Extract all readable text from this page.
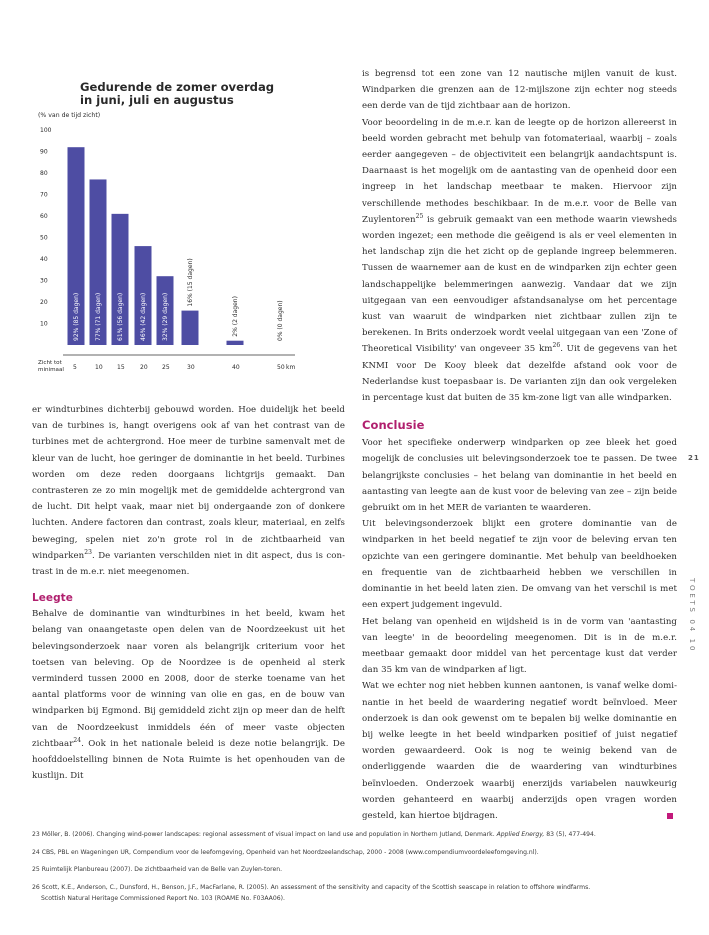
Gedurende de zomer overdag
in juni, juli en augustus
(% van de tijd zicht)
100
90
80
70
60
50
40
30
20
10	92% (85 dagen)	77% (71 dagen)	61% (56 dagen)	46% (42 dagen)	32% (29 dagen)
16% (15 dagen)
2% (2 dagen)	0% (0 dagen)
Zicht tot
minimaal 5	10 15	20 25	30	40	50 km

is begrensd tot een zone van 12 nautische mijlen vanuit de kust. Windparken die grenzen aan de 12-mijlszone zijn echter nog steeds een derde van de tijd zichtbaar aan de horizon.

Voor beoordeling in de m.e.r. kan de leegte op de horizon allereerst in beeld worden gebracht met behulp van fotomateriaal, waarbij – zoals eerder aangegeven – de objectiviteit een belangrijk aandachtspunt is. Daarnaast is het mogelijk om de aantasting van de openheid door een ingreep in het landschap meetbaar te maken. Hiervoor zijn verschillende methodes beschikbaar. In de m.e.r. voor de Belle van Zuylentoren$^{25}$ is gebruik gemaakt van een methode waarin viewsheds worden ingezet; een methode die geëigend is als er veel elementen in het landschap zijn die het zicht op de geplande ingreep belemmeren. Tussen de waarnemer aan de kust en de windparken zijn echter geen landschappelijke belemmeringen aanwezig. Vandaar dat we zijn uitgegaan van een eenvoudiger afstandsanalyse om het percentage kust van waaruit de windparken niet zichtbaar zullen zijn te berekenen. In Brits onderzoek wordt veelal uitgegaan van een 'Zone of Theoretical Visibility' van ongeveer 35 $km^{26}$. Uit de gegevens van het KNMI voor De Kooy bleek dat dezelfde afstand ook voor de Nederlandse kust toepasbaar is. De varianten zijn dan ook vergeleken in percentage kust dat buiten de 35 km-zone ligt van alle windparken.

Conclusie

Voor het specifieke onderwerp windparken op zee bleek het goed mogelijk de conclusies uit belevingsonderzoek toe te passen. De twee belangrijkste conclusies – het belang van dominantie in het beeld en aantasting van leegte aan de kust voor de beleving van zee – zijn beide gebruikt om in het MER de varianten te waarderen.

Uit belevingsonderzoek blijkt een grotere dominantie van de windparken in het beeld negatief te zijn voor de beleving ervan ten opzichte van een geringere dominantie. Met behulp van beeldhoeken en frequentie van de zichtbaarheid hebben we verschillen in dominantie in het beeld laten zien. De omvang van het verschil is met een expert judgement ingevuld.

Het belang van openheid en wijdsheid is in de vorm van 'aantasting van leegte' in de beoordeling meegenomen. Dit is in de m.e.r. meetbaar gemaakt door middel van het percentage kust dat verder dan 35 km van de windparken af ligt.

Wat we echter nog niet hebben kunnen aantonen, is vanaf welke dominantie in het beeld de waardering negatief wordt beïnvloed. Meer onderzoek is dan ook gewenst om te bepalen bij welke dominantie en bij welke leegte in het beeld windparken positief of juist negatief worden gewaardeerd. Ook is nog te weinig bekend van de onderliggende waarden die de waardering van windturbines beïnvloeden. Onderzoek waarbij enerzijds variabelen nauwkeurig worden gehanteerd en waarbij anderzijds open vragen worden gesteld, kan hiertoe bijdragen.

er windturbines dichterbij gebouwd worden. Hoe duidelijk het beeld van de turbines is, hangt overigens ook af van het contrast van de turbines met de achtergrond. Hoe meer de turbine samenvalt met de kleur van de lucht, hoe geringer de dominantie in het beeld. Turbines worden om deze reden doorgaans lichtgrijs gemaakt. Dan contrasteren ze zo min mogelijk met de gemiddelde achtergrond van de lucht. Dit helpt vaak, maar niet bij ondergaande zon of donkere luchten. Andere factoren dan contrast, zoals kleur, materiaal, en zelfs beweging, spelen niet zo'n grote rol in de zichtbaarheid van windparken$^{23}$. De varianten verschilden niet in dit aspect, dus is contrast in de m.e.r. niet meegenomen.

Leegte

Behalve de dominantie van windturbines in het beeld, kwam het belang van onaangetaste open delen van de Noordzeekust uit het belevingsonderzoek naar voren als belangrijk criterium voor het toetsen van beleving. Op de Noordzee is de openheid al sterk verminderd tussen 2000 en 2008, door de sterke toename van het aantal platforms voor de winning van olie en gas, en de bouw van windparken bij Egmond. Bij gemiddeld zicht zijn op meer dan de helft van de Noordzeekust inmiddels één of meer vaste objecten zichtbaar$^{24}$. Ook in het nationale beleid is deze notie belangrijk. De hoofddoelstelling binnen de Nota Ruimte is het openhouden van de kustlijn. Dit

21
TOETS 04 10
23 Möller, B. (2006). Changing wind-power landscapes: regional assessment of visual impact on land use and population in Northern Jutland, Denmark. Applied Energy, 83 (5), 477-494.
24 CBS, PBL en Wageningen UR, Compendium voor de leefomgeving, Openheid van het Noordzeelandschap, 2000 - 2008 (www.compendiumvoordeleefomgeving.nl).
25 Ruimtelijk Planbureau (2007). De zichtbaarheid van de Belle van Zuylen-toren.
26 Scott, K.E., Anderson, C., Dunsford, H., Benson, J.F., MacFarlane, R. (2005). An assessment of the sensitivity and capacity of the Scottish seascape in relation to offshore windfarms.
Scottish Natural Heritage Commissioned Report No. 103 (ROAME No. F03AA06).
